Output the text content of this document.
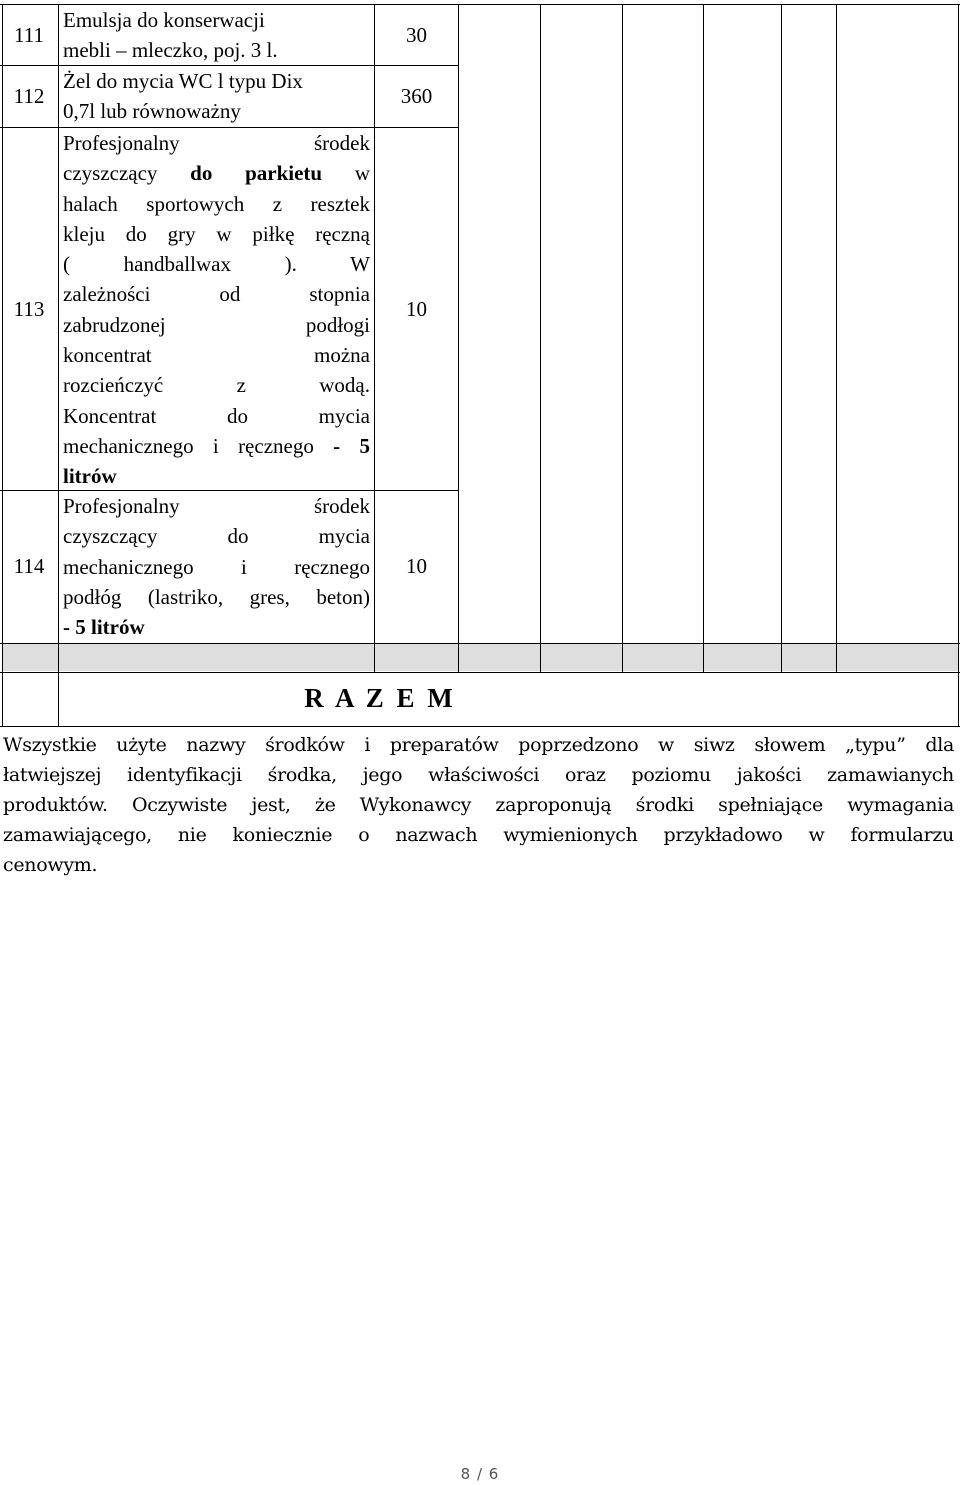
111
Emulsja do konserwacji
mebli – mleczko, poj. 3 l.
30
112
Żel do mycia WC l typu Dix
0,7l lub równoważny
360
113
Profesjonalny środek
czyszczący do parkietu w
halach sportowych z resztek
kleju do gry w piłkę ręczną
( handballwax ). W
zależności od stopnia
zabrudzonej podłogi
koncentrat można
rozcieńczyć z wodą.
Koncentrat do mycia
mechanicznego i ręcznego - 5
litrów
10
114
Profesjonalny środek
czyszczący do mycia
mechanicznego i ręcznego
podłóg (lastriko, gres, beton)
- 5 litrów
10
R A Z E M
Wszystkie użyte nazwy środków i preparatów poprzedzono w siwz słowem „typu” dla
łatwiejszej identyfikacji środka, jego właściwości oraz poziomu jakości zamawianych
produktów. Oczywiste jest, że Wykonawcy zaproponują środki spełniające wymagania
zamawiającego, nie koniecznie o nazwach wymienionych przykładowo w formularzu
cenowym.
8 / 6
